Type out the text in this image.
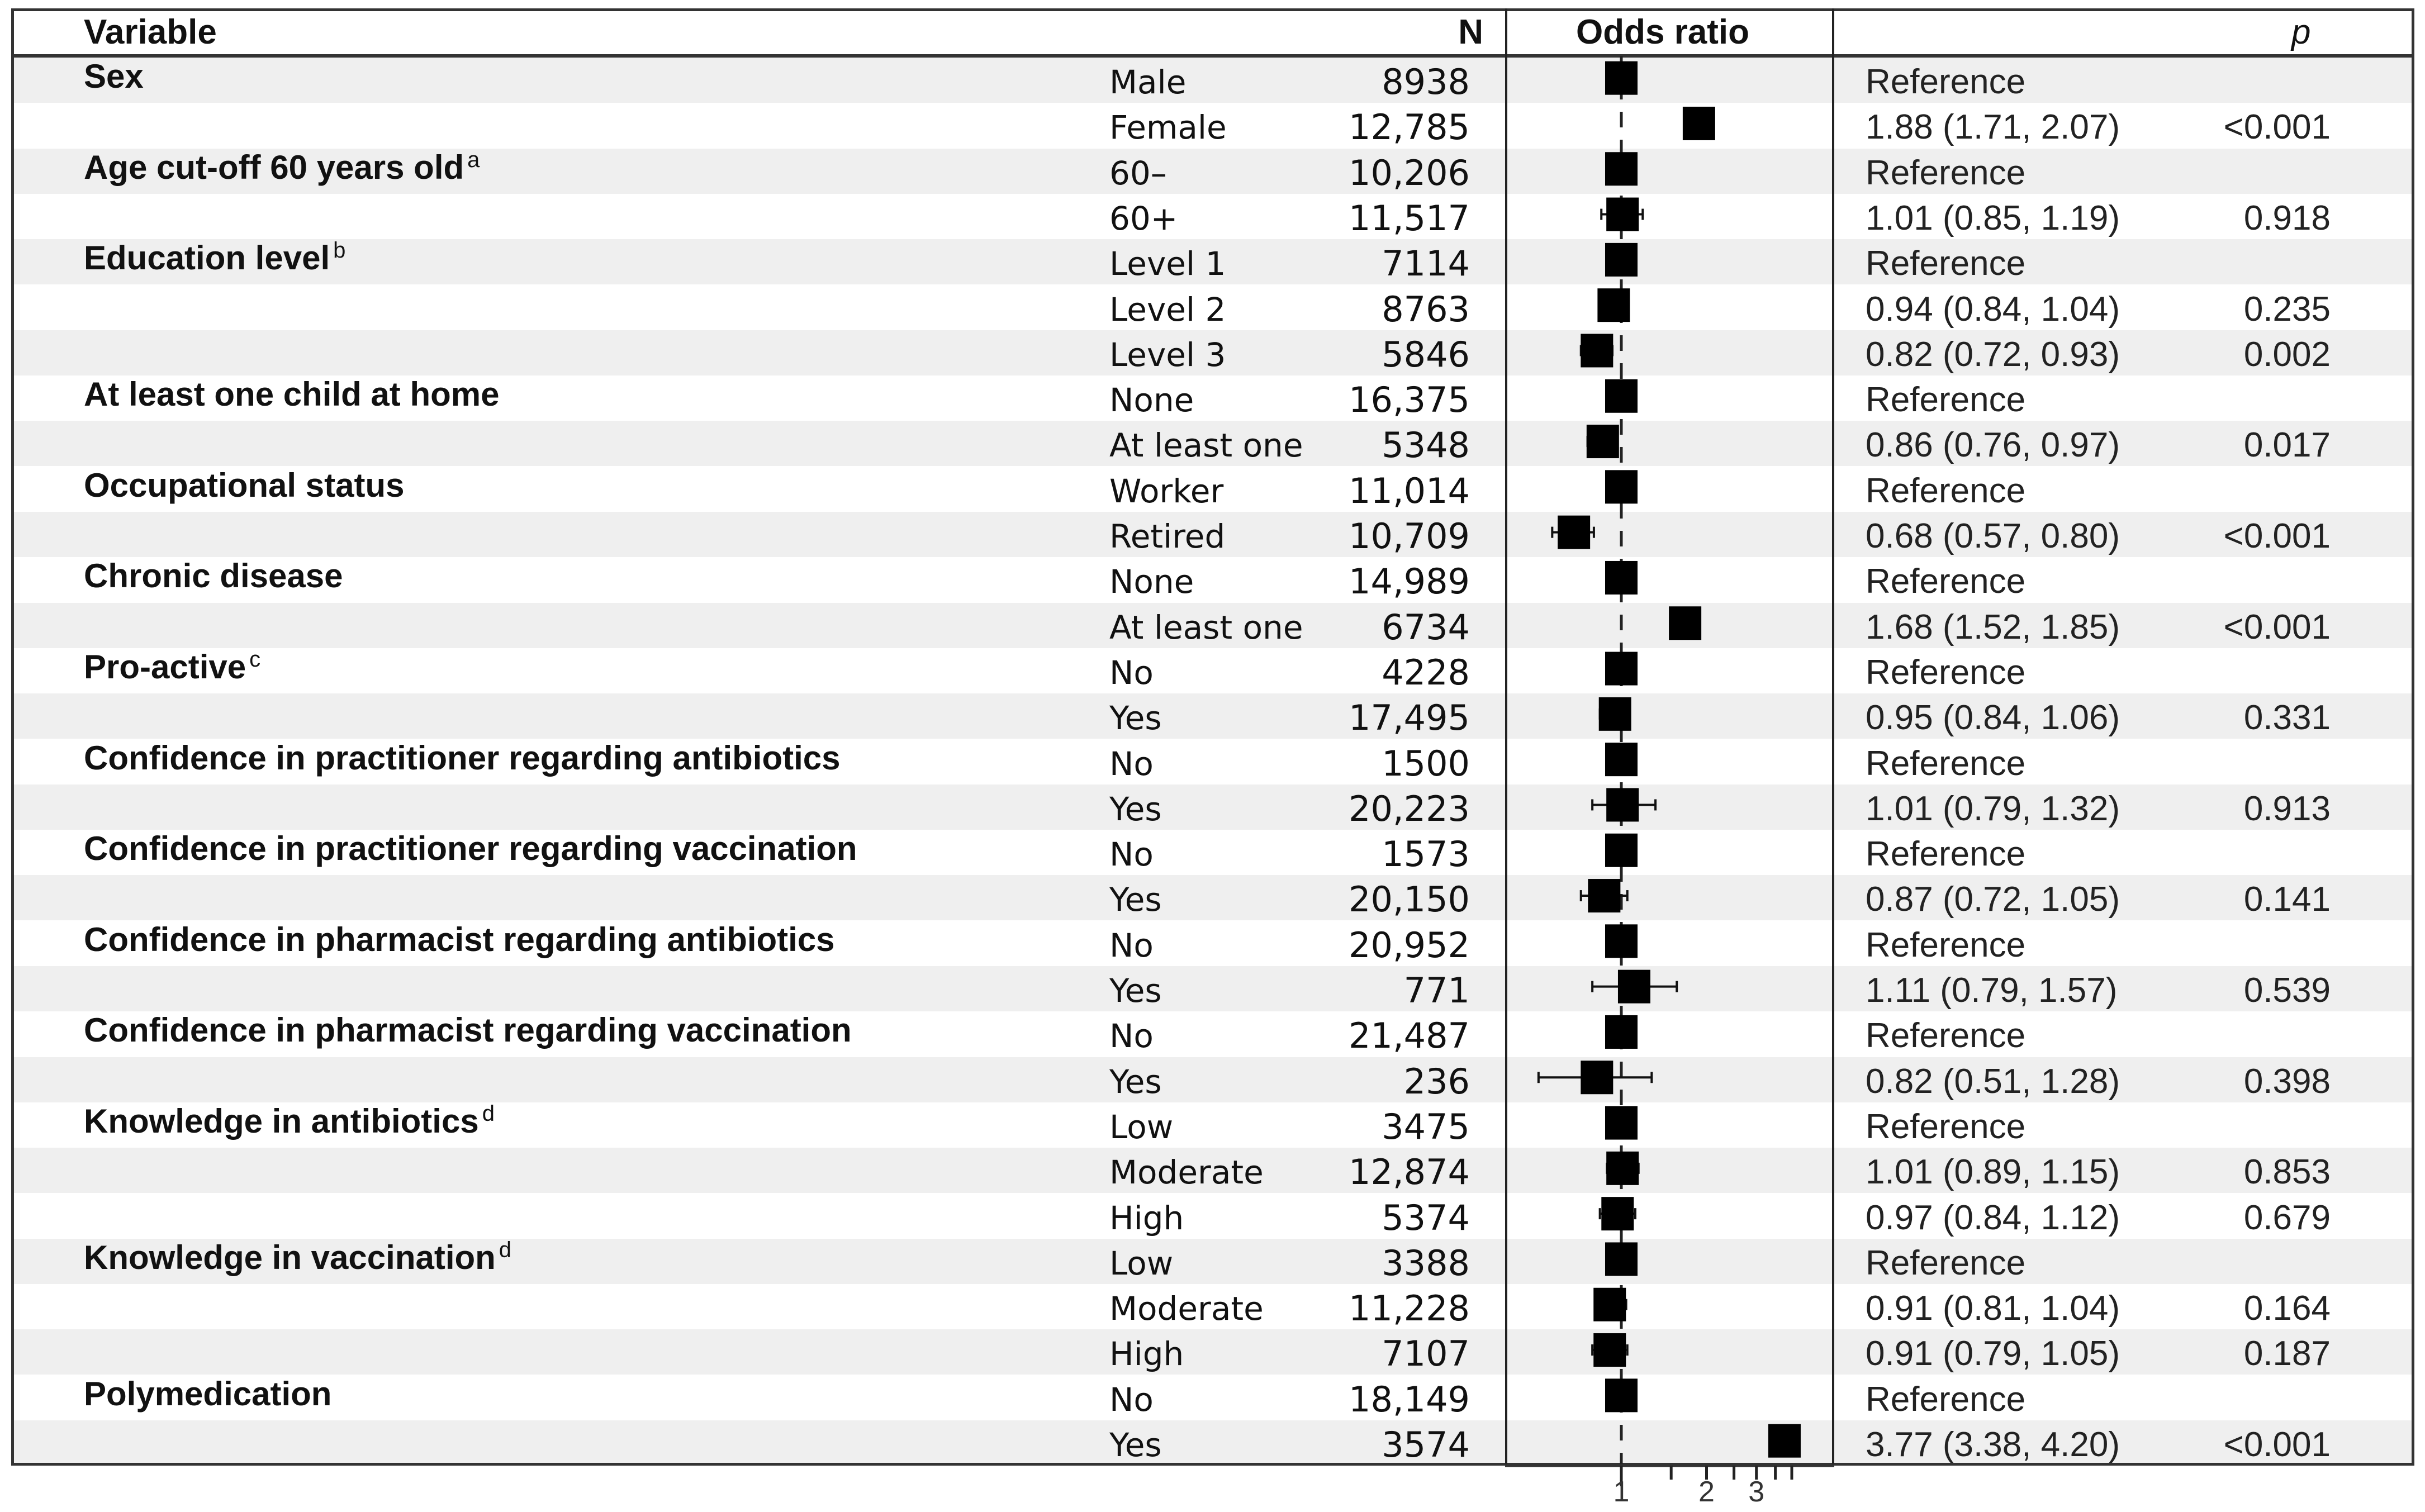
Sex	Male	8938	Reference
Female	12,785	1.88 (1.71, 2.07)	<0.001
Age cut-off 60 years old $^a$	60–	10,206	Reference
60+	11,517	1.01 (0.85, 1.19)	0.918
Education level $^b$	Level 1	7114	Reference
Level 2	8763	0.94 (0.84, 1.04)	0.235
Level 3	5846	0.82 (0.72, 0.93)	0.002
At least one child at home	None	16,375	Reference
At least one 5348	0.86 (0.76, 0.97)	0.017
Occupational status	Worker	11,014	Reference
Retired	10,709	0.68 (0.57, 0.80)	<0.001
Chronic disease	None	14,989	Reference
At least one 6734	1.68 (1.52, 1.85)	<0.001
Pro-active $^c$	No	4228	Reference
Yes	17,495	0.95 (0.84, 1.06)	0.331
Confidence in practitioner regarding antibiotics	No	1500	Reference
Yes	20,223	1.01 (0.79, 1.32)	0.913
Confidence in practitioner regarding vaccination	No	1573	Reference
Yes	20,150	0.87 (0.72, 1.05)	0.141
Confidence in pharmacist regarding antibiotics	No	20,952	Reference
Yes	771	1.11 (0.79, 1.57)	0.539
Confidence in pharmacist regarding vaccination	No	21,487	Reference
Yes	236	0.82 (0.51, 1.28)	0.398
Knowledge in antibiotics $^d$	Low	3475	Reference
Moderate 12,874	1.01 (0.89, 1.15)	0.853
High	5374	0.97 (0.84, 1.12)	0.679
Knowledge in vaccination $^d$	Low	3388	Reference
Moderate 11,228	0.91 (0.81, 1.04)	0.164
High	7107	0.91 (0.79, 1.05)	0.187
Polymedication	No	18,149	Reference
Yes	3574	3.77 (3.38, 4.20)	<0.001
Variable	N	Odds ratio	p
1 2 3
